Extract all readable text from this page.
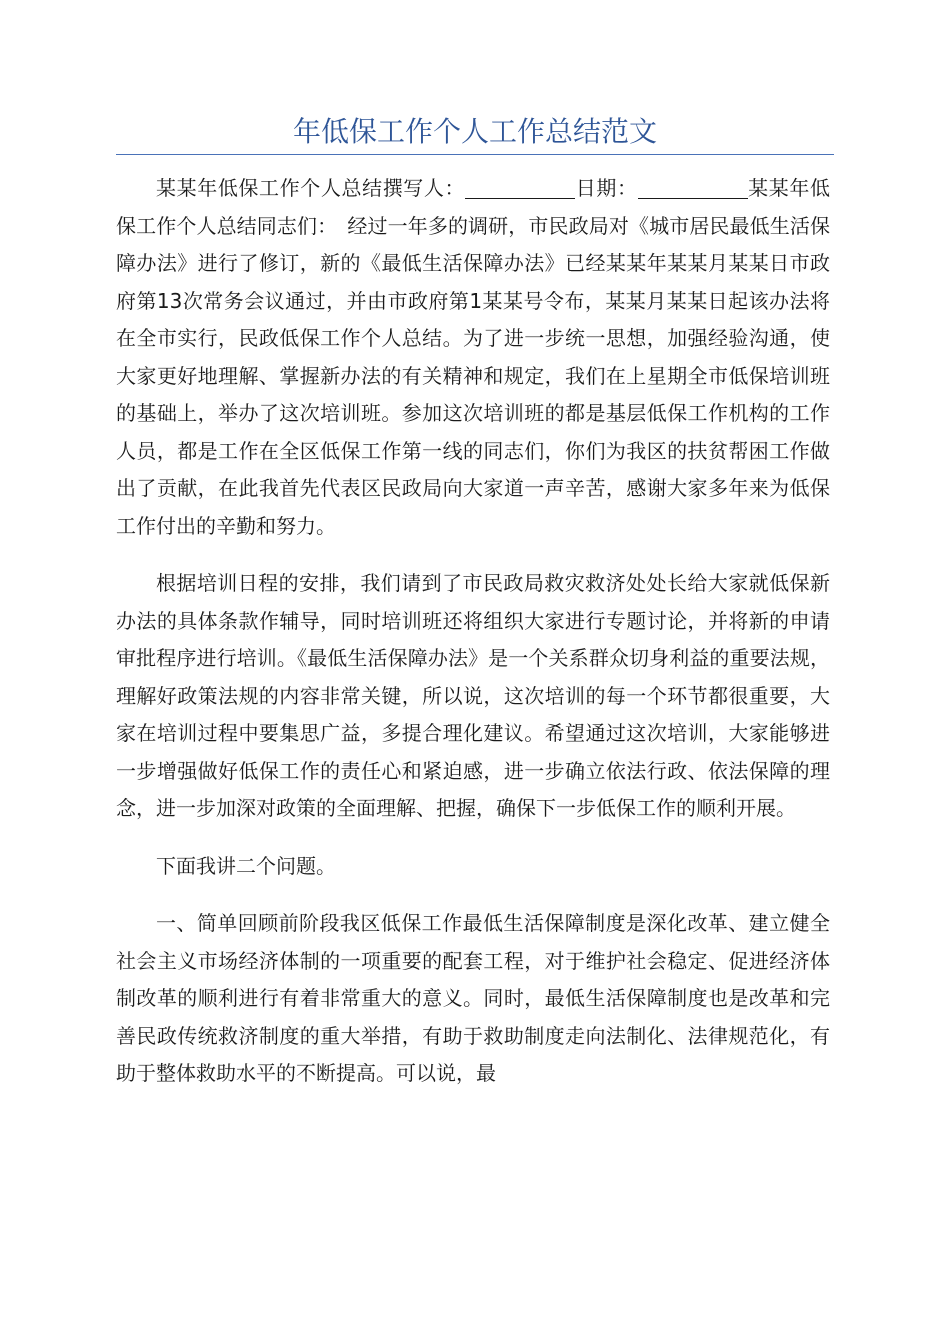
年低保工作个人工作总结范文

某某年低保工作个人总结撰写人：	日期：	某某年低保工作个人总结同志们：　经过一年多的调研，市民政局对《城市居民最低生活保障办法》进行了修订，新的《最低生活保障办法》已经某某年某某月某某日市政府第13次常务会议通过，并由市政府第1某某号令布，某某月某某日起该办法将在全市实行，民政低保工作个人总结。为了进一步统一思想，加强经验沟通，使大家更好地理解、掌握新办法的有关精神和规定，我们在上星期全市低保培训班的基础上，举办了这次培训班。参加这次培训班的都是基层低保工作机构的工作人员，都是工作在全区低保工作第一线的同志们，你们为我区的扶贫帮困工作做出了贡献，在此我首先代表区民政局向大家道一声辛苦，感谢大家多年来为低保工作付出的辛勤和努力。

根据培训日程的安排，我们请到了市民政局救灾救济处处长给大家就低保新办法的具体条款作辅导，同时培训班还将组织大家进行专题讨论，并将新的申请审批程序进行培训。《最低生活保障办法》是一个关系群众切身利益的重要法规，理解好政策法规的内容非常关键，所以说，这次培训的每一个环节都很重要，大家在培训过程中要集思广益，多提合理化建议。希望通过这次培训，大家能够进一步增强做好低保工作的责任心和紧迫感，进一步确立依法行政、依法保障的理念，进一步加深对政策的全面理解、把握，确保下一步低保工作的顺利开展。

下面我讲二个问题。

一、简单回顾前阶段我区低保工作最低生活保障制度是深化改革、建立健全社会主义市场经济体制的一项重要的配套工程，对于维护社会稳定、促进经济体制改革的顺利进行有着非常重大的意义。同时，最低生活保障制度也是改革和完善民政传统救济制度的重大举措，有助于救助制度走向法制化、法律规范化，有助于整体救助水平的不断提高。可以说，最
